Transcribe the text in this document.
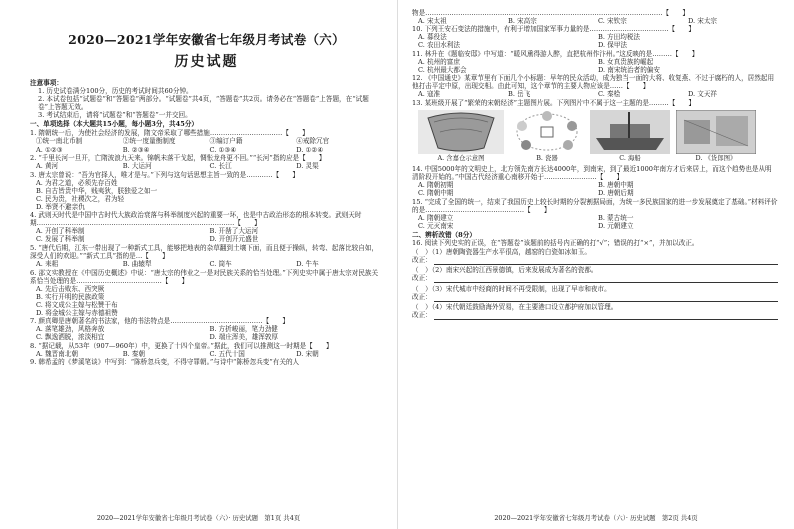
2020—2021学年安徽省七年级月考试卷（六）
历史试题
注意事项：
1. 历史试卷满分100分，历史的考试时间共60分钟。
2. 本试卷包括“试题卷”和“答题卷”两部分。“试题卷”共4页，“答题卷”共2页。请务必在“答题卷”上答题，在“试题卷”上答题无效。
3. 考试结束后，请将“试题卷”和“答题卷”一并交回。
一、单项选择（本大题共15小题，每小题3分，共45分）
1. 隋朝统一后，为使社会经济的发展，隋文帝采取了哪些措施……………………………【　　】
①统一南北币制	②统一度量衡制度	③编订户籍	④戒除冗官
A. ①②③	B. ②③④	C. ①③④	D. ①②④
2. “千里长河一旦开，亡隋波浪九天来。锦帆未落干戈起，惆怅龙舟更不回。”“长河”指的应是【　　】
A. 黄河	B. 大运河	C. 长江	D. 灵渠
3. 唐太宗曾说：“吾为官择人，唯才是与。”下列与这句话思想主旨一致的是…………【　　】
A. 为君之道，必须先存百姓
B. 自古皆贵中华，贱夷狄，朕独爱之如一
C. 民为贵，社稷次之，君为轻
D. 举贤不避亲仇
4. 武则天时代是中国中古时代大族政治衰落与科举制度兴起的重要一环，也是中古政治形态的根本转变。武则天时期………………………………………………………………………………【　　】
A. 开创了科举制	B. 开凿了大运河
C. 发展了科举制	D. 开创开元盛世
5. “唐代后期，江东一带出现了一种新式工具，能够把地表的杂草翻到土壤下面，而且便于操纵，转弯、起落比较自如，深受人们的欢迎。”“新式工具”指的是…【　　】
A. 耒耜	B. 曲辕犁	C. 筒车	D. 牛车
6. 邵文实教授在《中国历史概述》中说：“唐太宗的伟业之一是对民族关系的恰当处理。”下列史实中属于唐太宗对民族关系恰当处理的是…………………………………【　　】
A. 先后击败东、西突厥
B. 实行开明的民族政策
C. 将文成公主嫁与松赞干布
D. 将金城公主嫁与赤德祖赞
7. 颜真卿是唐朝著名的书法家，他的书法特点是……………………………………【　　】
A. 落笔雄劲，风格奔放	B. 方折峻丽，笔力劲健
C. 飘逸洒脱，浓淡相宜	D. 端庄浑美，雄浑敦厚
8. “据记载，从53年（907—960年）中，更换了十四个皇帝。”据此，我们可以推测这一时期是【　　】
A. 魏晋南北朝	B. 秦朝	C. 五代十国	D. 宋朝
9. 韩希孟的《梦溪笔谈》中写到：“陈桥忽兵变，不得守罪朝。”与诗中“陈桥忽兵变”有关的人
2020—2021学年安徽省七年级月考试卷（六）· 历史试题　第1页 共4页
物是………………………………………………………………………………………………【　　】
A. 宋太祖	B. 宋高宗	C. 宋钦宗	D. 宋太宗
10. 下列王安石变法的措施中，有利于增加国家军事力量的是………………………………【　　】
A. 募役法	B. 方田均税法
C. 农田水利法	D. 保甲法
11. 林升在《题临安邸》中写道：“暖风熏得游人醉，直把杭州作汴州。”这反映的是………【　　】
A. 杭州的富庶	B. 女真贵族的崛起
C. 杭州最大都会	D. 南宋统治者的偏安
12. 《中国通史》某章节里有下面几个小标题：早年的民众活动，成为独当一面的大将、收复燕、不过于腐朽的人，居然起用他打击平定中原，出现交相。由此可知，这个章节的主要人物应该是……【　　】
A. 寇准	B. 岳飞	C. 秦桧	D. 文天祥
13. 某班级开展了“繁荣的宋朝经济”主题图片展。下列图片中不属于这一主题的是………【　　】
A. 含嘉仓示意图	B. 瓷器	C. 海船	D. 《货郎图》
14. 中国5000年的文明史上，北方领先南方长达4000年，到南宋，到了最近1000年南方才后来居上，而这个趋势也是从明清阶段开始的。”中国古代经济重心南移开始于……………………【　　】
A. 隋朝初期	B. 唐朝中期
C. 隋朝中期	D. 唐朝后期
15. “完成了全国的统一，结束了我国历史上较长时期的分裂割据局面，为统一多民族国家的进一步发展奠定了基础。”材料评价的是………………………………………【　　】
A. 隋朝建立	B. 蒙古统一
C. 元灭南宋	D. 元朝建立
二、辨析改错（8分）
16. 阅读下列史实的正误，在“答题卷”该题前的括号内正确的打“√”；错误的打“×”，并加以改正。
（　）（1）唐朝陶瓷器生产水平很高，越窑的白瓷如冰如玉。
改正：
（　）（2）南宋兴起的江西景德镇，后来发展成为著名的瓷都。
改正：
（　）（3）宋代城市中经商的时间不再受限制，出现了早市和夜市。
改正：
（　）（4）宋代朝廷鼓励海外贸易，在主要港口设立都护府加以管理。
改正：
2020—2021学年安徽省七年级月考试卷（六）· 历史试题　第2页 共4页
